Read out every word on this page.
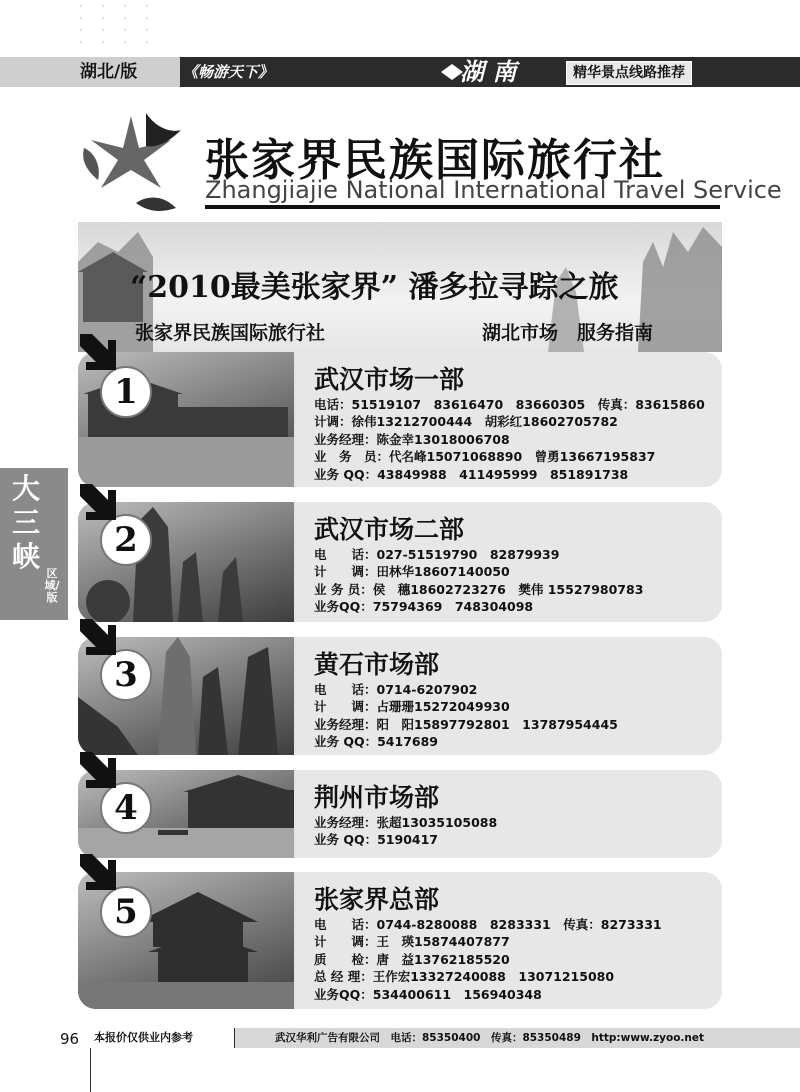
湖北/版	《畅游天下》	湖 南	精华景点线路推荐
张家界民族国际旅行社
Zhangjiajie National International Travel Service
“2010最美张家界” 潘多拉寻踪之旅
张家界民族国际旅行社	湖北市场　服务指南
大三峡
区域/版
武汉市场一部
电话：51519107　83616470　83660305　传真：83615860
计调：徐伟13212700444　胡彩红18602705782
业务经理：陈金幸13018006708
业　务　员：代名峰15071068890　曾勇13667195837
业务 QQ：43849988　411495999　851891738
1
武汉市场二部
电　　话：027-51519790　82879939
计　　调：田林华18607140050
业 务 员：侯　穗18602723276　樊伟 15527980783
业务QQ：75794369　748304098
2
黄石市场部
电　　话：0714-6207902
计　　调：占珊珊15272049930
业务经理：阳　阳15897792801　13787954445
业务 QQ：5417689
3
荆州市场部
业务经理：张超13035105088
业务 QQ：5190417
4
张家界总部
电　　话：0744-8280088　8283331　传真：8273331
计　　调：王　瑛15874407877
质　　检：唐　益13762185520
总 经 理：王作宏13327240088　13071215080
业务QQ：534400611　156940348
5
96	本报价仅供业内参考	武汉华利广告有限公司　电话：85350400　传真：85350489　http:www.zyoo.net
